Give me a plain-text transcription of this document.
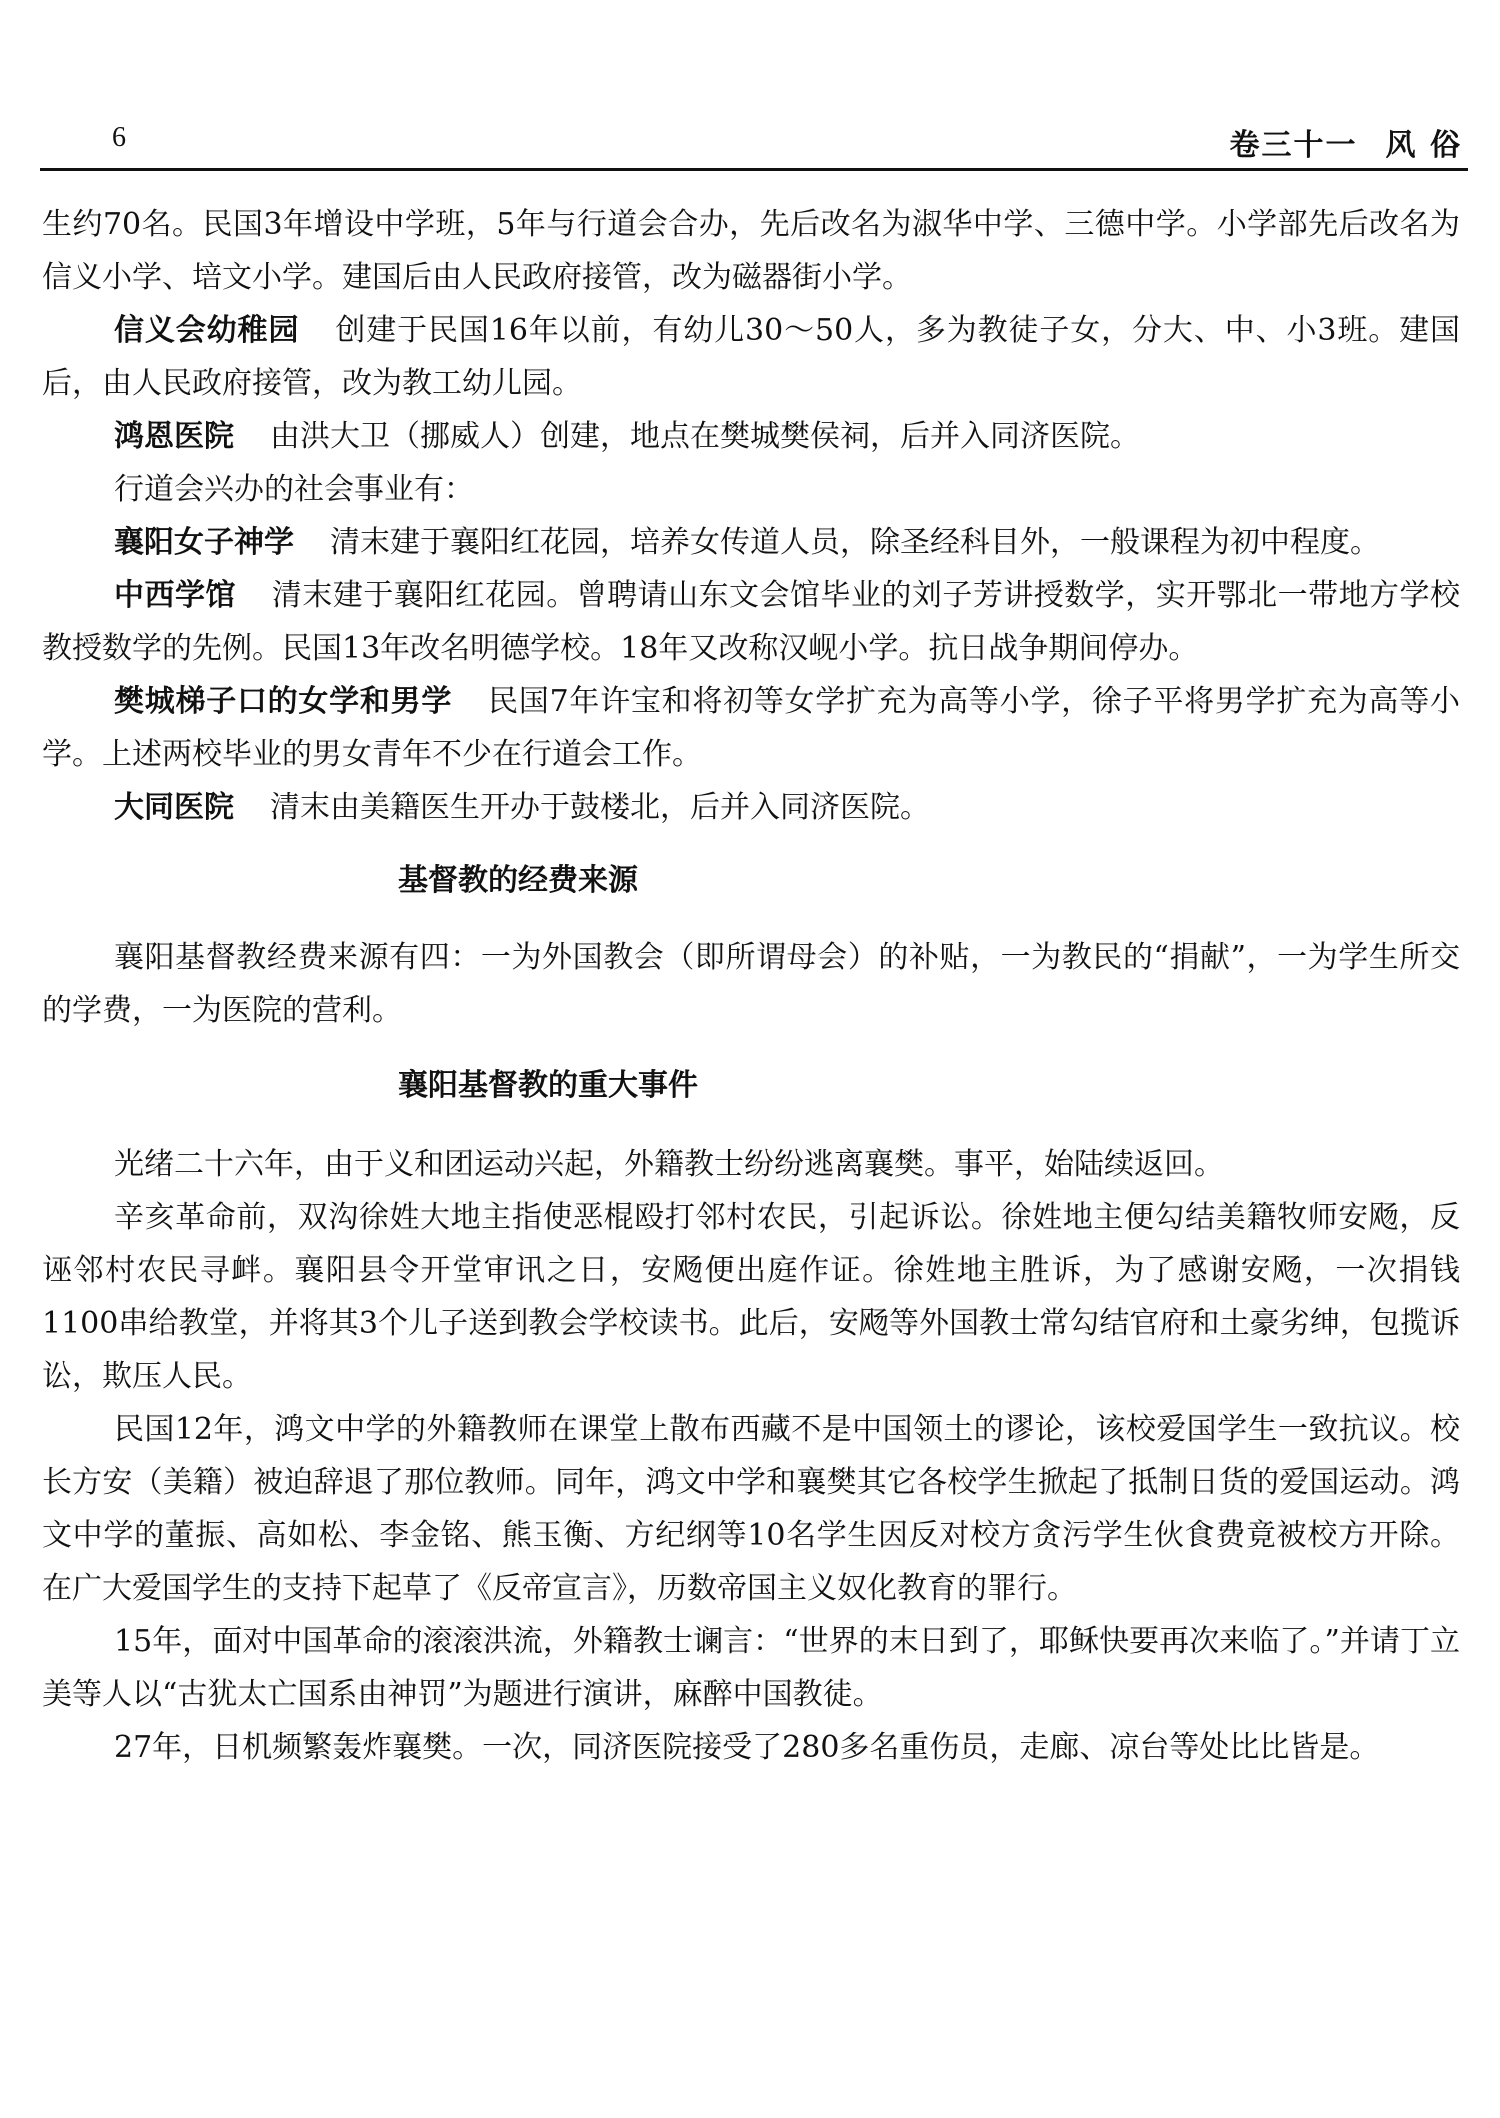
6	卷三十一 风 俗

生约70名。民国3年增设中学班，5年与行道会合办，先后改名为淑华中学、三德中学。小学部先后改名为信义小学、培文小学。建国后由人民政府接管，改为磁器街小学。

信义会幼稚园 创建于民国16年以前，有幼儿30～50人，多为教徒子女，分大、中、小3班。建国后，由人民政府接管，改为教工幼儿园。

鸿恩医院 由洪大卫（挪威人）创建，地点在樊城樊侯祠，后并入同济医院。

行道会兴办的社会事业有：

襄阳女子神学 清末建于襄阳红花园，培养女传道人员，除圣经科目外，一般课程为初中程度。

中西学馆 清末建于襄阳红花园。曾聘请山东文会馆毕业的刘子芳讲授数学，实开鄂北一带地方学校教授数学的先例。民国13年改名明德学校。18年又改称汉岘小学。抗日战争期间停办。

樊城梯子口的女学和男学 民国7年许宝和将初等女学扩充为高等小学，徐子平将男学扩充为高等小学。上述两校毕业的男女青年不少在行道会工作。

大同医院 清末由美籍医生开办于鼓楼北，后并入同济医院。

基督教的经费来源

襄阳基督教经费来源有四：一为外国教会（即所谓母会）的补贴，一为教民的“捐献”，一为学生所交的学费，一为医院的营利。

襄阳基督教的重大事件

光绪二十六年，由于义和团运动兴起，外籍教士纷纷逃离襄樊。事平，始陆续返回。

辛亥革命前，双沟徐姓大地主指使恶棍殴打邻村农民，引起诉讼。徐姓地主便勾结美籍牧师安飏，反诬邻村农民寻衅。襄阳县令开堂审讯之日，安飏便出庭作证。徐姓地主胜诉，为了感谢安飏，一次捐钱1100串给教堂，并将其3个儿子送到教会学校读书。此后，安飏等外国教士常勾结官府和土豪劣绅，包揽诉讼，欺压人民。

民国12年，鸿文中学的外籍教师在课堂上散布西藏不是中国领土的谬论，该校爱国学生一致抗议。校长方安（美籍）被迫辞退了那位教师。同年，鸿文中学和襄樊其它各校学生掀起了抵制日货的爱国运动。鸿文中学的董振、高如松、李金铭、熊玉衡、方纪纲等10名学生因反对校方贪污学生伙食费竟被校方开除。在广大爱国学生的支持下起草了《反帝宣言》，历数帝国主义奴化教育的罪行。

15年，面对中国革命的滚滚洪流，外籍教士谰言：“世界的末日到了，耶稣快要再次来临了。”并请丁立美等人以“古犹太亡国系由神罚”为题进行演讲，麻醉中国教徒。

27年，日机频繁轰炸襄樊。一次，同济医院接受了280多名重伤员，走廊、凉台等处比比皆是。
